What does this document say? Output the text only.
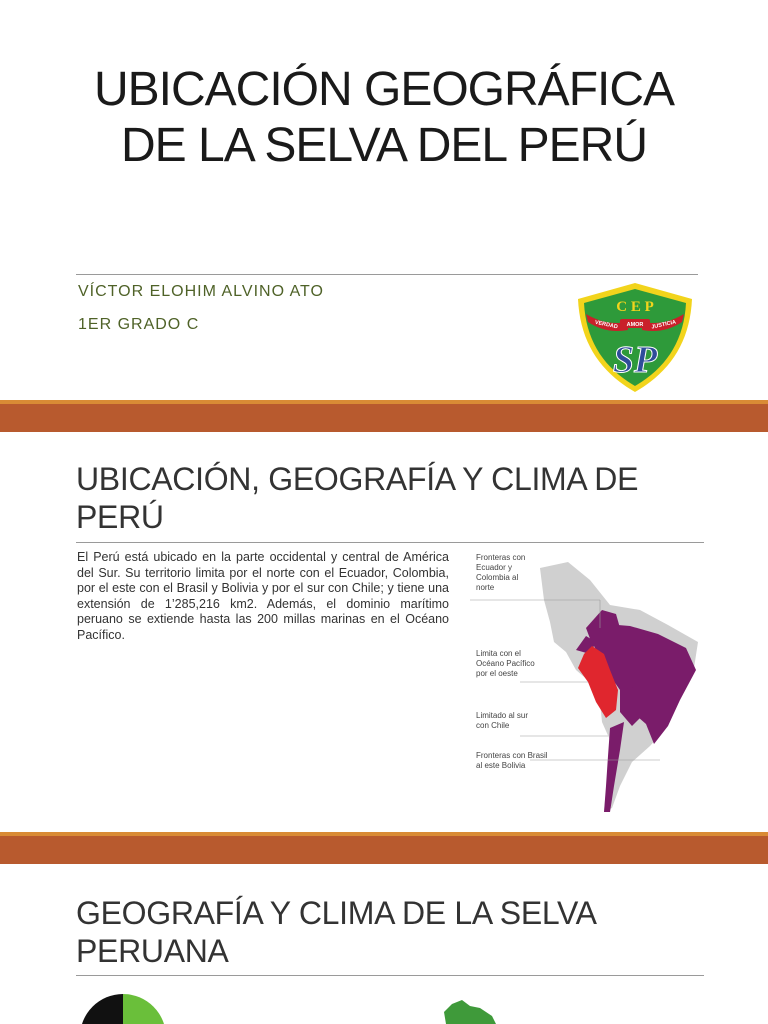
UBICACIÓN GEOGRÁFICA
DE LA SELVA DEL PERÚ
VÍCTOR ELOHIM ALVINO ATO
1ER GRADO C
C E P
VERDAD AMOR JUSTICIA
SP
UBICACIÓN, GEOGRAFÍA Y CLIMA DE
PERÚ
El Perú está ubicado en la parte occidental y central de América del Sur. Su territorio limita por el norte con el Ecuador, Colombia, por el este con el Brasil y Bolivia y por el sur con Chile; y tiene una extensión de 1’285,216 km2. Además, el dominio marítimo peruano se extiende hasta las 200 millas marinas en el Océano Pacífico.
Fronteras con Ecuador y Colombia al norte
Limita con el Océano Pacífico por el oeste
Limitado al sur con Chile
Fronteras con Brasil al este Bolivia
GEOGRAFÍA Y CLIMA DE LA SELVA
PERUANA
